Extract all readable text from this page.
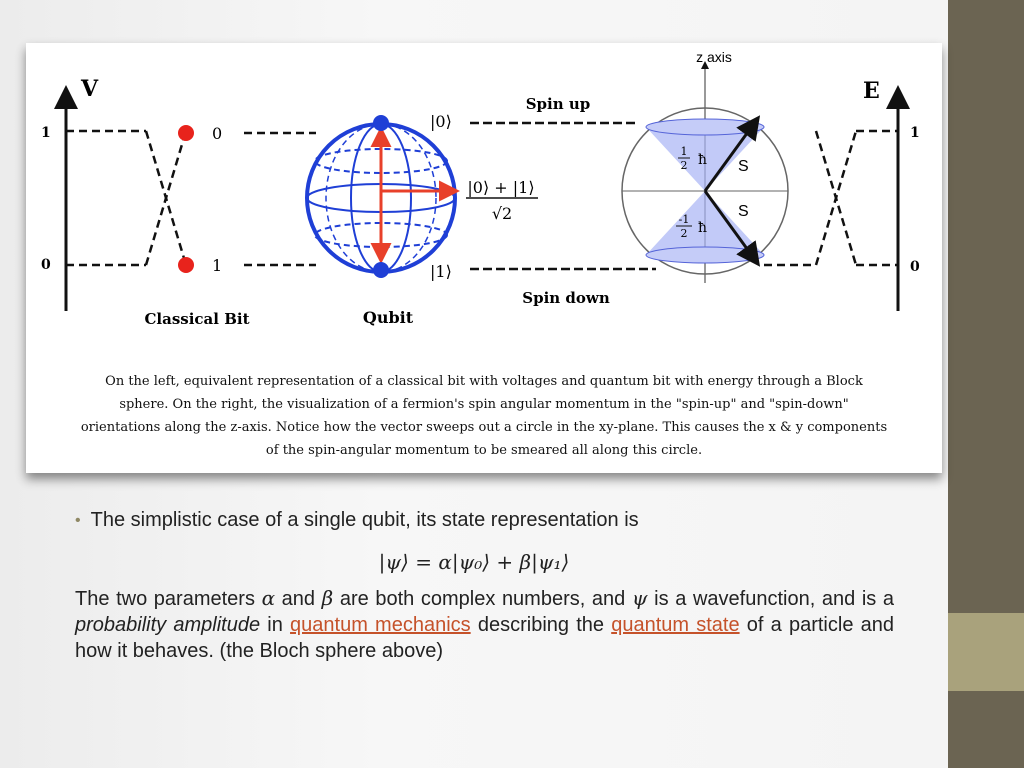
V
1
0
0
1
Classical Bit
|0⟩
|1⟩
|0⟩ + |1⟩
√2
Qubit
Spin up
Spin down
z axis
S
S
1
2 ħ
-1
2 ħ
E
1
0

On the left, equivalent representation of a classical bit with voltages and quantum bit with energy through a Block

sphere. On the right, the visualization of a fermion's spin angular momentum in the "spin-up" and "spin-down"

orientations along the z-axis. Notice how the vector sweeps out a circle in the xy-plane. This causes the x & y components

of the spin-angular momentum to be smeared all along this circle.

• The simplistic case of a single qubit, its state representation is
|ψ⟩ = α|ψ₀⟩ + β|ψ₁⟩
The two parameters α and β are both complex numbers, and ψ is a wavefunction, and is a probability amplitude in quantum mechanics describing the quantum state of a particle and how it behaves. (the Bloch sphere above)
